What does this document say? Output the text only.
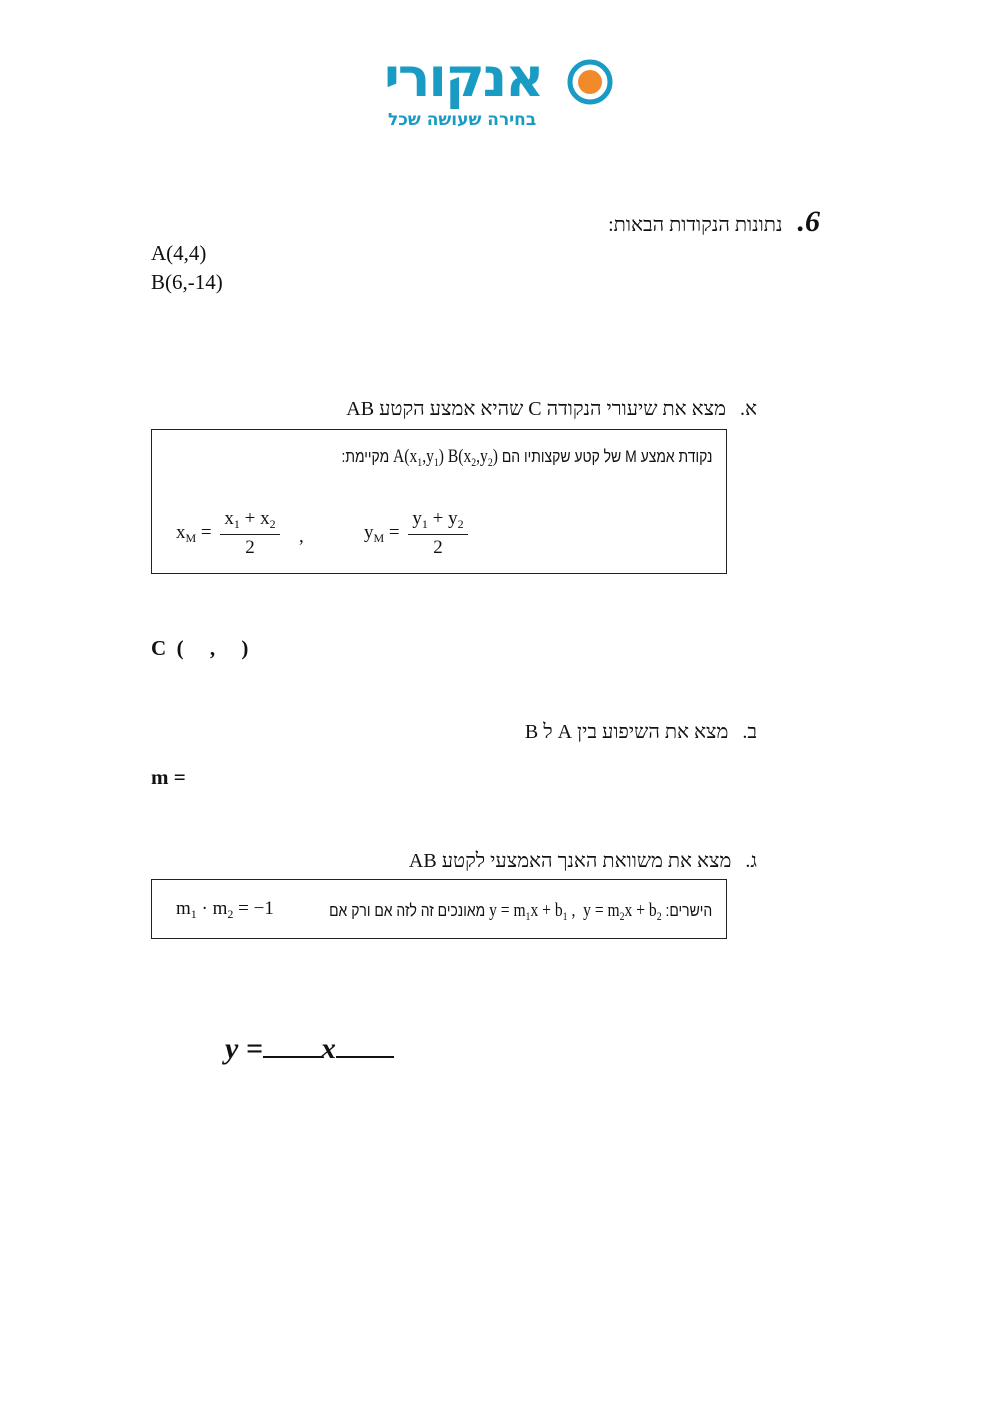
אנקורי
בחירה שעושה שכל
6. נתונות הנקודות הבאות:
A(4,4)
B(6,-14)
א.מצא את שיעורי הנקודה C שהיא אמצע הקטע AB
נקודת אמצע M של קטע שקצותיו הם $A(x_1,y_1)$ $B(x_2,y_2)$ מקיימת:
$x_M = \frac{x_1 + x_2}{2}$ ,	$y_M = \frac{y_1 + y_2}{2}$
C  (     ,     )
ב.מצא את השיפוע בין A ל B
m =
ג.מצא את משוואת האנך האמצעי לקטע AB
הישרים: $y = m_1x + b_1$ ,  $y = m_2x + b_2$ מאונכים זה לזה אם ורק אם
$m_1 \cdot m_2 = -1$

y = x
